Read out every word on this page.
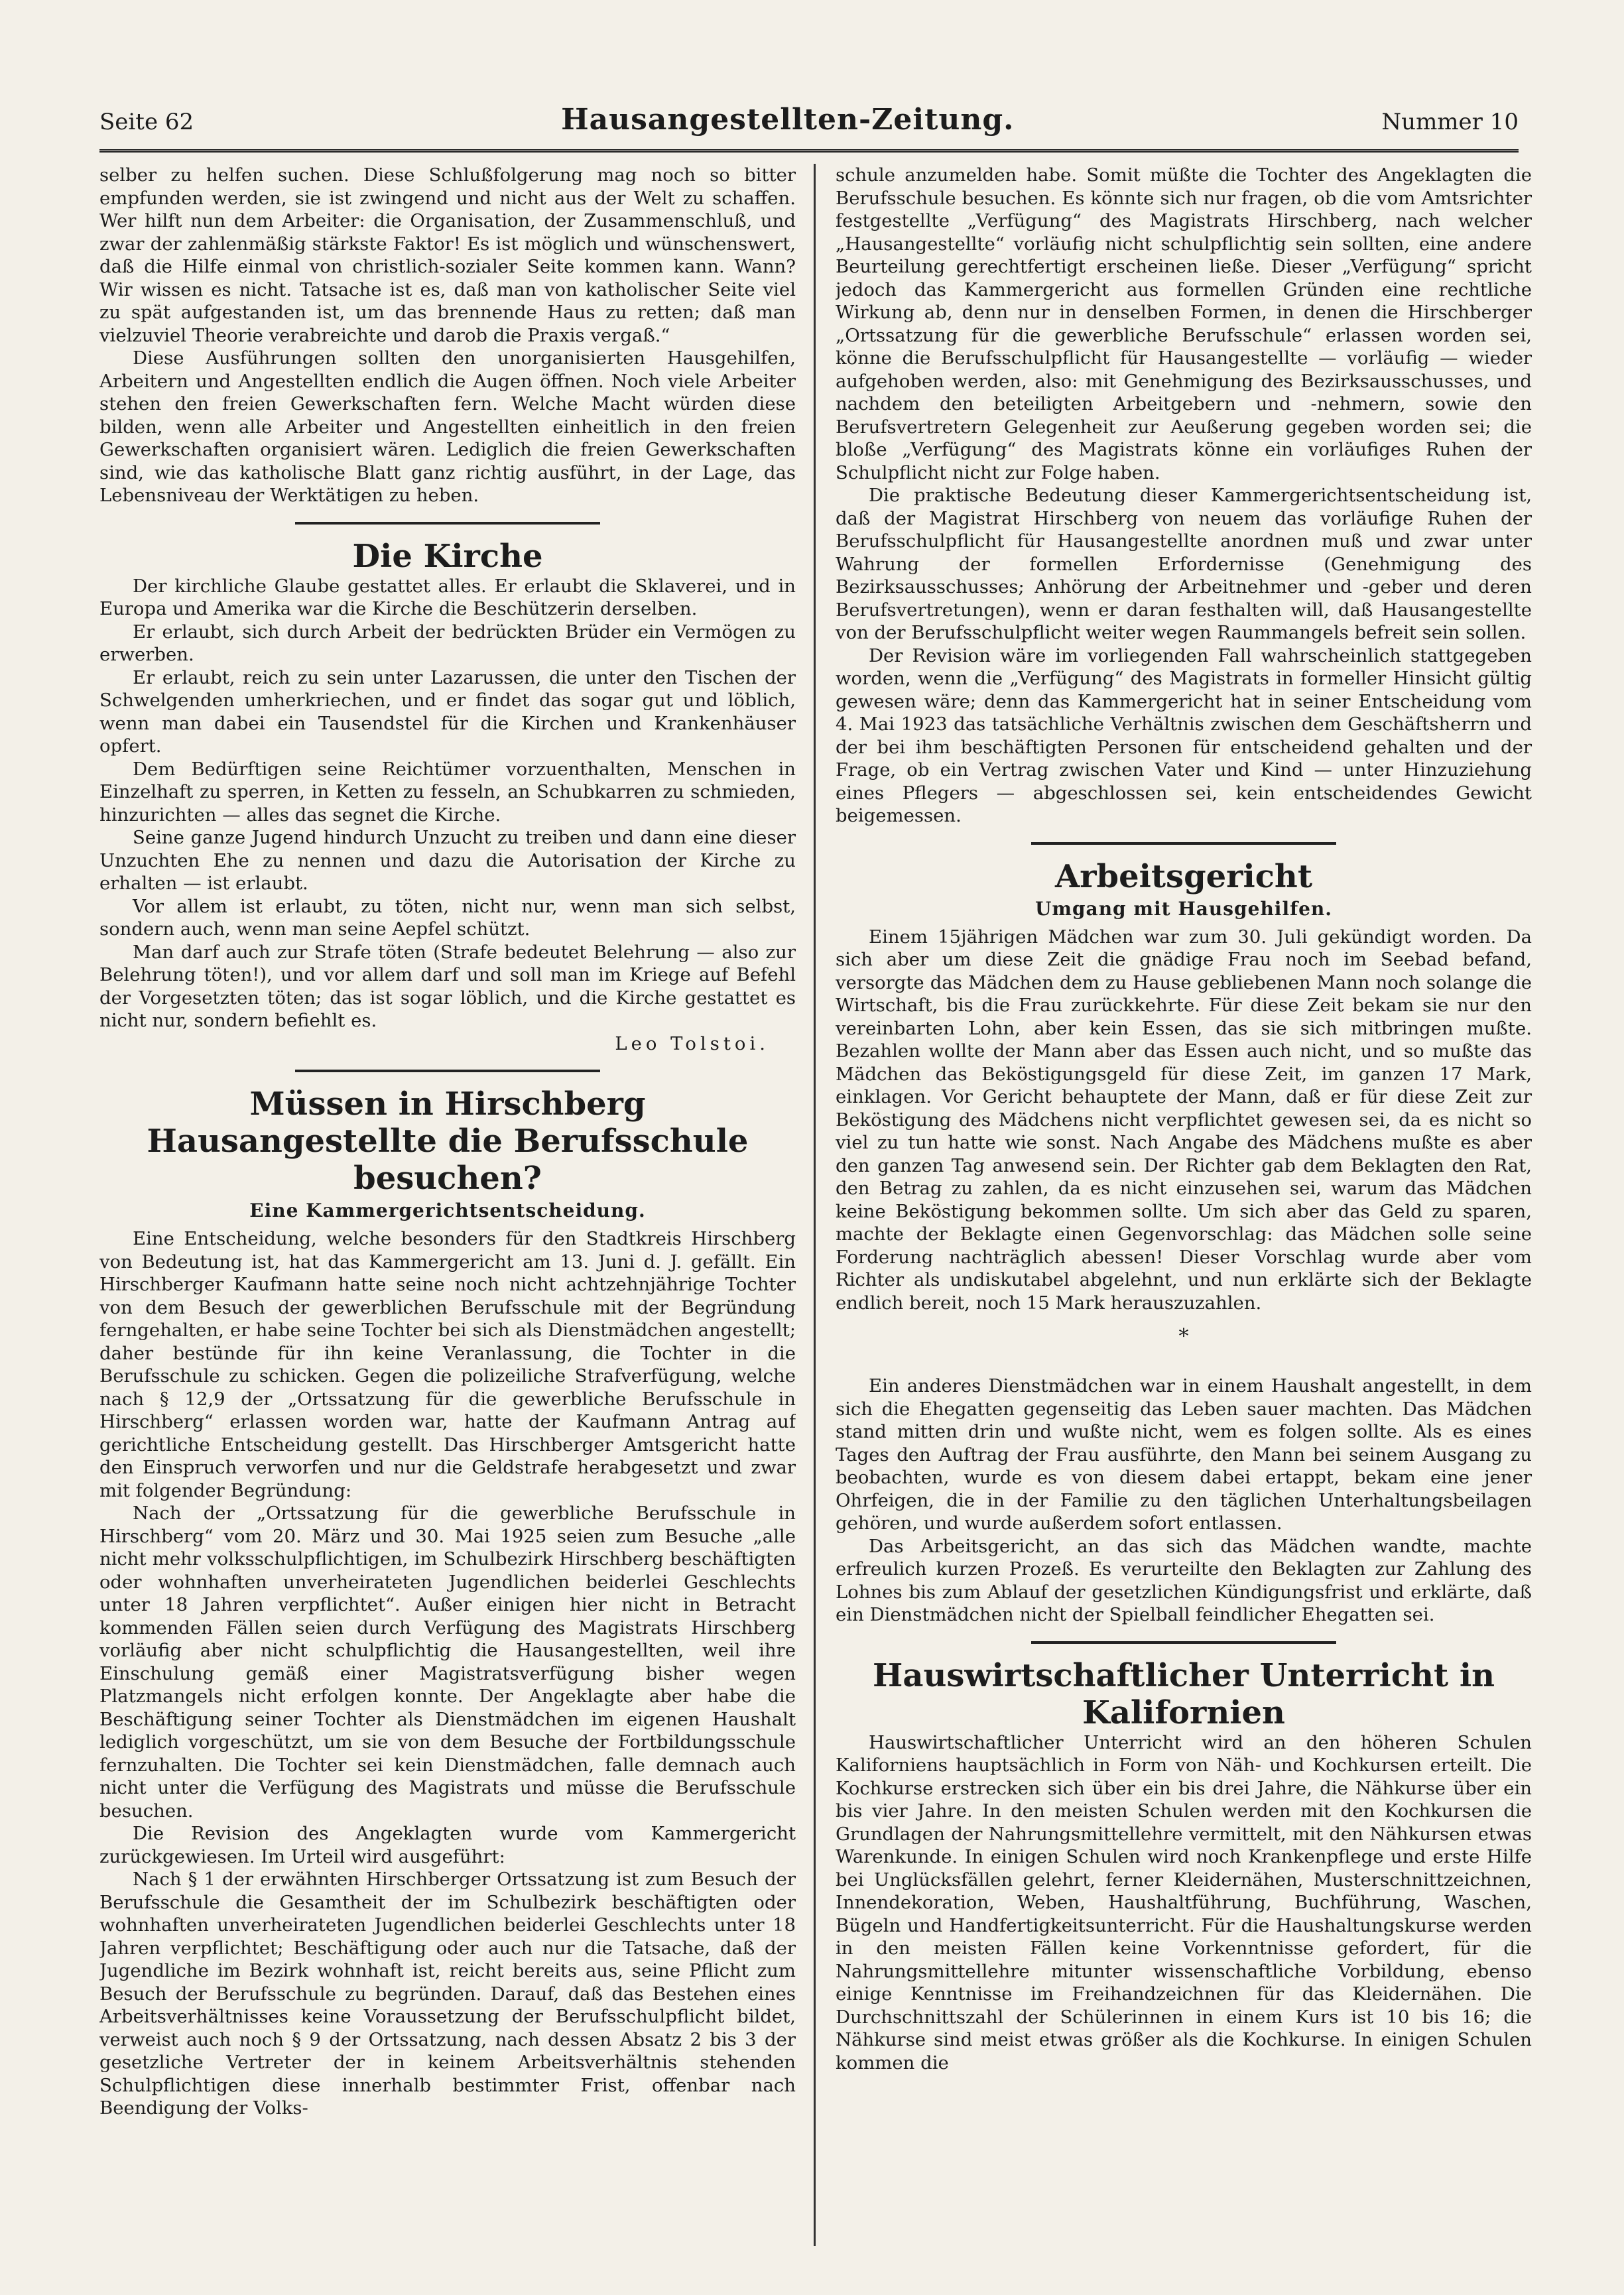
Seite 62	Hausangestellten-Zeitung.	Nummer 10

selber zu helfen suchen. Diese Schlußfolgerung mag noch so bitter empfunden werden, sie ist zwingend und nicht aus der Welt zu schaffen. Wer hilft nun dem Arbeiter: die Organisation, der Zusammenschluß, und zwar der zahlenmäßig stärkste Faktor! Es ist möglich und wünschenswert, daß die Hilfe einmal von christlich-sozialer Seite kommen kann. Wann? Wir wissen es nicht. Tatsache ist es, daß man von katholischer Seite viel zu spät aufgestanden ist, um das brennende Haus zu retten; daß man vielzuviel Theorie verabreichte und darob die Praxis vergaß.“

Diese Ausführungen sollten den unorganisierten Hausgehilfen, Arbeitern und Angestellten endlich die Augen öffnen. Noch viele Arbeiter stehen den freien Gewerkschaften fern. Welche Macht würden diese bilden, wenn alle Arbeiter und Angestellten einheitlich in den freien Gewerkschaften organisiert wären. Lediglich die freien Gewerkschaften sind, wie das katholische Blatt ganz richtig ausführt, in der Lage, das Lebensniveau der Werktätigen zu heben.

Die Kirche

Der kirchliche Glaube gestattet alles. Er erlaubt die Sklaverei, und in Europa und Amerika war die Kirche die Beschützerin derselben.

Er erlaubt, sich durch Arbeit der bedrückten Brüder ein Vermögen zu erwerben.

Er erlaubt, reich zu sein unter Lazarussen, die unter den Tischen der Schwelgenden umherkriechen, und er findet das sogar gut und löblich, wenn man dabei ein Tausendstel für die Kirchen und Krankenhäuser opfert.

Dem Bedürftigen seine Reichtümer vorzuenthalten, Menschen in Einzelhaft zu sperren, in Ketten zu fesseln, an Schubkarren zu schmieden, hinzurichten — alles das segnet die Kirche.

Seine ganze Jugend hindurch Unzucht zu treiben und dann eine dieser Unzuchten Ehe zu nennen und dazu die Autorisation der Kirche zu erhalten — ist erlaubt.

Vor allem ist erlaubt, zu töten, nicht nur, wenn man sich selbst, sondern auch, wenn man seine Aepfel schützt.

Man darf auch zur Strafe töten (Strafe bedeutet Belehrung — also zur Belehrung töten!), und vor allem darf und soll man im Kriege auf Befehl der Vorgesetzten töten; das ist sogar löblich, und die Kirche gestattet es nicht nur, sondern befiehlt es.

Leo Tolstoi.

Müssen in Hirschberg Hausangestellte die Berufsschule besuchen?
Eine Kammergerichtsentscheidung.

Eine Entscheidung, welche besonders für den Stadtkreis Hirschberg von Bedeutung ist, hat das Kammergericht am 13. Juni d. J. gefällt. Ein Hirschberger Kaufmann hatte seine noch nicht achtzehnjährige Tochter von dem Besuch der gewerblichen Berufsschule mit der Begründung ferngehalten, er habe seine Tochter bei sich als Dienstmädchen angestellt; daher bestünde für ihn keine Veranlassung, die Tochter in die Berufsschule zu schicken. Gegen die polizeiliche Strafverfügung, welche nach § 12,9 der „Ortssatzung für die gewerbliche Berufsschule in Hirschberg“ erlassen worden war, hatte der Kaufmann Antrag auf gerichtliche Entscheidung gestellt. Das Hirschberger Amtsgericht hatte den Einspruch verworfen und nur die Geldstrafe herabgesetzt und zwar mit folgender Begründung:

Nach der „Ortssatzung für die gewerbliche Berufsschule in Hirschberg“ vom 20. März und 30. Mai 1925 seien zum Besuche „alle nicht mehr volksschulpflichtigen, im Schulbezirk Hirschberg beschäftigten oder wohnhaften unverheirateten Jugendlichen beiderlei Geschlechts unter 18 Jahren verpflichtet“. Außer einigen hier nicht in Betracht kommenden Fällen seien durch Verfügung des Magistrats Hirschberg vorläufig aber nicht schulpflichtig die Hausangestellten, weil ihre Einschulung gemäß einer Magistratsverfügung bisher wegen Platzmangels nicht erfolgen konnte. Der Angeklagte aber habe die Beschäftigung seiner Tochter als Dienstmädchen im eigenen Haushalt lediglich vorgeschützt, um sie von dem Besuche der Fortbildungsschule fernzuhalten. Die Tochter sei kein Dienstmädchen, falle demnach auch nicht unter die Verfügung des Magistrats und müsse die Berufsschule besuchen.

Die Revision des Angeklagten wurde vom Kammergericht zurückgewiesen. Im Urteil wird ausgeführt:

Nach § 1 der erwähnten Hirschberger Ortssatzung ist zum Besuch der Berufsschule die Gesamtheit der im Schulbezirk beschäftigten oder wohnhaften unverheirateten Jugendlichen beiderlei Geschlechts unter 18 Jahren verpflichtet; Beschäftigung oder auch nur die Tatsache, daß der Jugendliche im Bezirk wohnhaft ist, reicht bereits aus, seine Pflicht zum Besuch der Berufsschule zu begründen. Darauf, daß das Bestehen eines Arbeitsverhältnisses keine Voraussetzung der Berufsschulpflicht bildet, verweist auch noch § 9 der Ortssatzung, nach dessen Absatz 2 bis 3 der gesetzliche Vertreter der in keinem Arbeitsverhältnis stehenden Schulpflichtigen diese innerhalb bestimmter Frist, offenbar nach Beendigung der Volks-

schule anzumelden habe. Somit müßte die Tochter des Angeklagten die Berufsschule besuchen. Es könnte sich nur fragen, ob die vom Amtsrichter festgestellte „Verfügung“ des Magistrats Hirschberg, nach welcher „Hausangestellte“ vorläufig nicht schulpflichtig sein sollten, eine andere Beurteilung gerechtfertigt erscheinen ließe. Dieser „Verfügung“ spricht jedoch das Kammergericht aus formellen Gründen eine rechtliche Wirkung ab, denn nur in denselben Formen, in denen die Hirschberger „Ortssatzung für die gewerbliche Berufsschule“ erlassen worden sei, könne die Berufsschulpflicht für Hausangestellte — vorläufig — wieder aufgehoben werden, also: mit Genehmigung des Bezirksausschusses, und nachdem den beteiligten Arbeitgebern und -nehmern, sowie den Berufsvertretern Gelegenheit zur Aeußerung gegeben worden sei; die bloße „Verfügung“ des Magistrats könne ein vorläufiges Ruhen der Schulpflicht nicht zur Folge haben.

Die praktische Bedeutung dieser Kammergerichtsentscheidung ist, daß der Magistrat Hirschberg von neuem das vorläufige Ruhen der Berufsschulpflicht für Hausangestellte anordnen muß und zwar unter Wahrung der formellen Erfordernisse (Genehmigung des Bezirksausschusses; Anhörung der Arbeitnehmer und -geber und deren Berufsvertretungen), wenn er daran festhalten will, daß Hausangestellte von der Berufsschulpflicht weiter wegen Raummangels befreit sein sollen.

Der Revision wäre im vorliegenden Fall wahrscheinlich stattgegeben worden, wenn die „Verfügung“ des Magistrats in formeller Hinsicht gültig gewesen wäre; denn das Kammergericht hat in seiner Entscheidung vom 4. Mai 1923 das tatsächliche Verhältnis zwischen dem Geschäftsherrn und der bei ihm beschäftigten Personen für entscheidend gehalten und der Frage, ob ein Vertrag zwischen Vater und Kind — unter Hinzuziehung eines Pflegers — abgeschlossen sei, kein entscheidendes Gewicht beigemessen.

Arbeitsgericht
Umgang mit Hausgehilfen.

Einem 15jährigen Mädchen war zum 30. Juli gekündigt worden. Da sich aber um diese Zeit die gnädige Frau noch im Seebad befand, versorgte das Mädchen dem zu Hause gebliebenen Mann noch solange die Wirtschaft, bis die Frau zurückkehrte. Für diese Zeit bekam sie nur den vereinbarten Lohn, aber kein Essen, das sie sich mitbringen mußte. Bezahlen wollte der Mann aber das Essen auch nicht, und so mußte das Mädchen das Beköstigungsgeld für diese Zeit, im ganzen 17 Mark, einklagen. Vor Gericht behauptete der Mann, daß er für diese Zeit zur Beköstigung des Mädchens nicht verpflichtet gewesen sei, da es nicht so viel zu tun hatte wie sonst. Nach Angabe des Mädchens mußte es aber den ganzen Tag anwesend sein. Der Richter gab dem Beklagten den Rat, den Betrag zu zahlen, da es nicht einzusehen sei, warum das Mädchen keine Beköstigung bekommen sollte. Um sich aber das Geld zu sparen, machte der Beklagte einen Gegenvorschlag: das Mädchen solle seine Forderung nachträglich abessen! Dieser Vorschlag wurde aber vom Richter als undiskutabel abgelehnt, und nun erklärte sich der Beklagte endlich bereit, noch 15 Mark herauszuzahlen.

*

Ein anderes Dienstmädchen war in einem Haushalt angestellt, in dem sich die Ehegatten gegenseitig das Leben sauer machten. Das Mädchen stand mitten drin und wußte nicht, wem es folgen sollte. Als es eines Tages den Auftrag der Frau ausführte, den Mann bei seinem Ausgang zu beobachten, wurde es von diesem dabei ertappt, bekam eine jener Ohrfeigen, die in der Familie zu den täglichen Unterhaltungsbeilagen gehören, und wurde außerdem sofort entlassen.

Das Arbeitsgericht, an das sich das Mädchen wandte, machte erfreulich kurzen Prozeß. Es verurteilte den Beklagten zur Zahlung des Lohnes bis zum Ablauf der gesetzlichen Kündigungsfrist und erklärte, daß ein Dienstmädchen nicht der Spielball feindlicher Ehegatten sei.

Hauswirtschaftlicher Unterricht in Kalifornien

Hauswirtschaftlicher Unterricht wird an den höheren Schulen Kaliforniens hauptsächlich in Form von Näh- und Kochkursen erteilt. Die Kochkurse erstrecken sich über ein bis drei Jahre, die Nähkurse über ein bis vier Jahre. In den meisten Schulen werden mit den Kochkursen die Grundlagen der Nahrungsmittellehre vermittelt, mit den Nähkursen etwas Warenkunde. In einigen Schulen wird noch Krankenpflege und erste Hilfe bei Unglücksfällen gelehrt, ferner Kleidernähen, Musterschnittzeichnen, Innendekoration, Weben, Haushaltführung, Buchführung, Waschen, Bügeln und Handfertigkeitsunterricht. Für die Haushaltungskurse werden in den meisten Fällen keine Vorkenntnisse gefordert, für die Nahrungsmittellehre mitunter wissenschaftliche Vorbildung, ebenso einige Kenntnisse im Freihandzeichnen für das Kleidernähen. Die Durchschnittszahl der Schülerinnen in einem Kurs ist 10 bis 16; die Nähkurse sind meist etwas größer als die Kochkurse. In einigen Schulen kommen die
